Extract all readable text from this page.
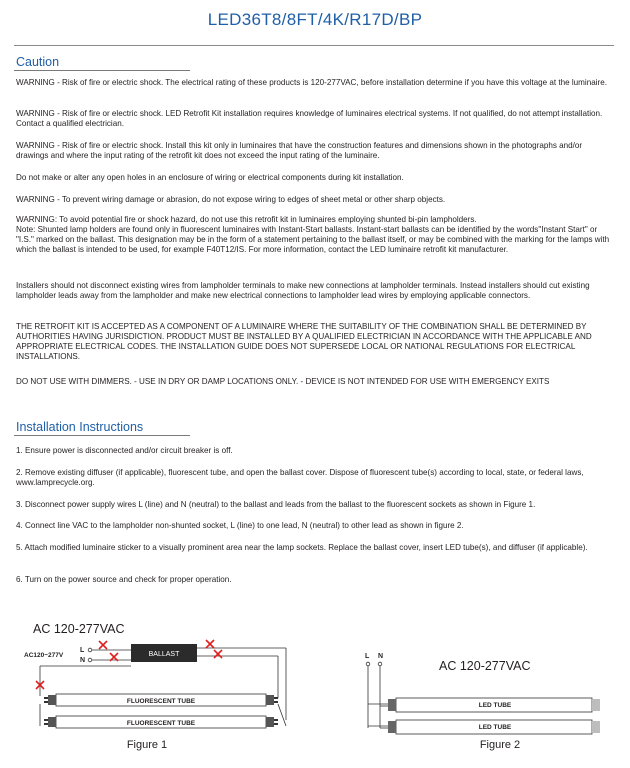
LED36T8/8FT/4K/R17D/BP
Caution
WARNING - Risk of fire or electric shock. The electrical rating of these products is 120-277VAC, before installation determine if you have this voltage at the luminaire.
WARNING - Risk of fire or electric shock. LED Retrofit Kit installation requires knowledge of luminaires electrical systems. If not qualified, do not attempt installation. Contact a qualified electrician.
WARNING - Risk of fire or electric shock. Install this kit only in luminaires that have the construction features and dimensions shown in the photographs and/or drawings and where the input rating of the retrofit kit does not exceed the input rating of the luminaire.
Do not make or alter any open holes in an enclosure of wiring or electrical components during kit installation.
WARNING - To prevent wiring damage or abrasion, do not expose wiring to edges of sheet metal or other sharp objects.
WARNING: To avoid potential fire or shock hazard, do not use this retrofit kit in luminaires employing shunted bi-pin lampholders.
Note: Shunted lamp holders are found only in fluorescent luminaires with Instant-Start ballasts. Instant-start ballasts can be identified by the words"Instant Start" or "I.S." marked on the ballast. This designation may be in the form of a statement pertaining to the ballast itself, or may be combined with the marking for the lamps with which the ballast is intended to be used, for example F40T12/IS. For more information, contact the LED luminaire retrofit kit manufacturer.
Installers should not disconnect existing wires from lampholder terminals to make new connections at lampholder terminals. Instead installers should cut existing lampholder leads away from the lampholder and make new electrical connections to lampholder lead wires by employing applicable connectors.
THE RETROFIT KIT IS ACCEPTED AS A COMPONENT OF A LUMINAIRE WHERE THE SUITABILITY OF THE COMBINATION SHALL BE DETERMINED BY AUTHORITIES HAVING JURISDICTION. PRODUCT MUST BE INSTALLED BY A QUALIFIED ELECTRICIAN IN ACCORDANCE WITH THE APPLICABLE AND APPROPRIATE ELECTRICAL CODES. THE INSTALLATION GUIDE DOES NOT SUPERSEDE LOCAL OR NATIONAL REGULATIONS FOR ELECTRICAL INSTALLATIONS.
DO NOT USE WITH DIMMERS. - USE IN DRY OR DAMP LOCATIONS ONLY. - DEVICE IS NOT INTENDED FOR USE WITH EMERGENCY EXITS
Installation Instructions
1. Ensure power is disconnected and/or circuit breaker is off.
2. Remove existing diffuser (if applicable), fluorescent tube, and open the ballast cover. Dispose of fluorescent tube(s) according to local, state, or federal laws, www.lamprecycle.org.
3. Disconnect power supply wires L (line) and N (neutral) to the ballast and leads from the ballast to the fluorescent sockets as shown in Figure 1.
4. Connect line VAC to the lampholder non-shunted socket, L (line) to one lead, N (neutral) to other lead as shown in figure 2.
5. Attach modified luminaire sticker to a visually prominent area near the lamp sockets. Replace the ballast cover, insert LED tube(s), and diffuser (if applicable).
6. Turn on the power source and check for proper operation.
AC 120-277VAC
AC120~277V
L
N
BALLAST
FLUORESCENT TUBE
FLUORESCENT TUBE
Figure 1
L N
AC 120-277VAC
LED TUBE
LED TUBE
Figure 2
